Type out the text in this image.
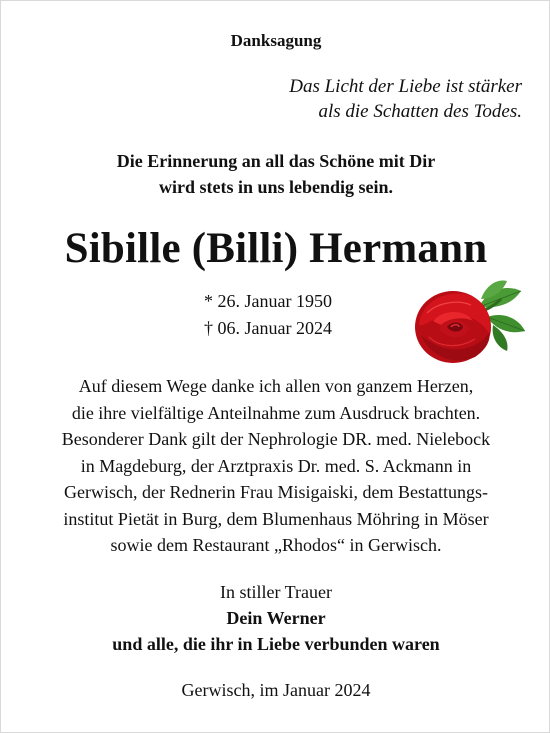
Danksagung
Das Licht der Liebe ist stärker
als die Schatten des Todes.
Die Erinnerung an all das Schöne mit Dir
wird stets in uns lebendig sein.
Sibille (Billi) Hermann
* 26. Januar 1950
† 06. Januar 2024
Auf diesem Wege danke ich allen von ganzem Herzen,
die ihre vielfältige Anteilnahme zum Ausdruck brachten.
Besonderer Dank gilt der Nephrologie DR. med. Nielebock
in Magdeburg, der Arztpraxis Dr. med. S. Ackmann in
Gerwisch, der Rednerin Frau Misigaiski, dem Bestattungs-
institut Pietät in Burg, dem Blumenhaus Möhring in Möser
sowie dem Restaurant „Rhodos“ in Gerwisch.
In stiller Trauer
Dein Werner
und alle, die ihr in Liebe verbunden waren
Gerwisch, im Januar 2024
